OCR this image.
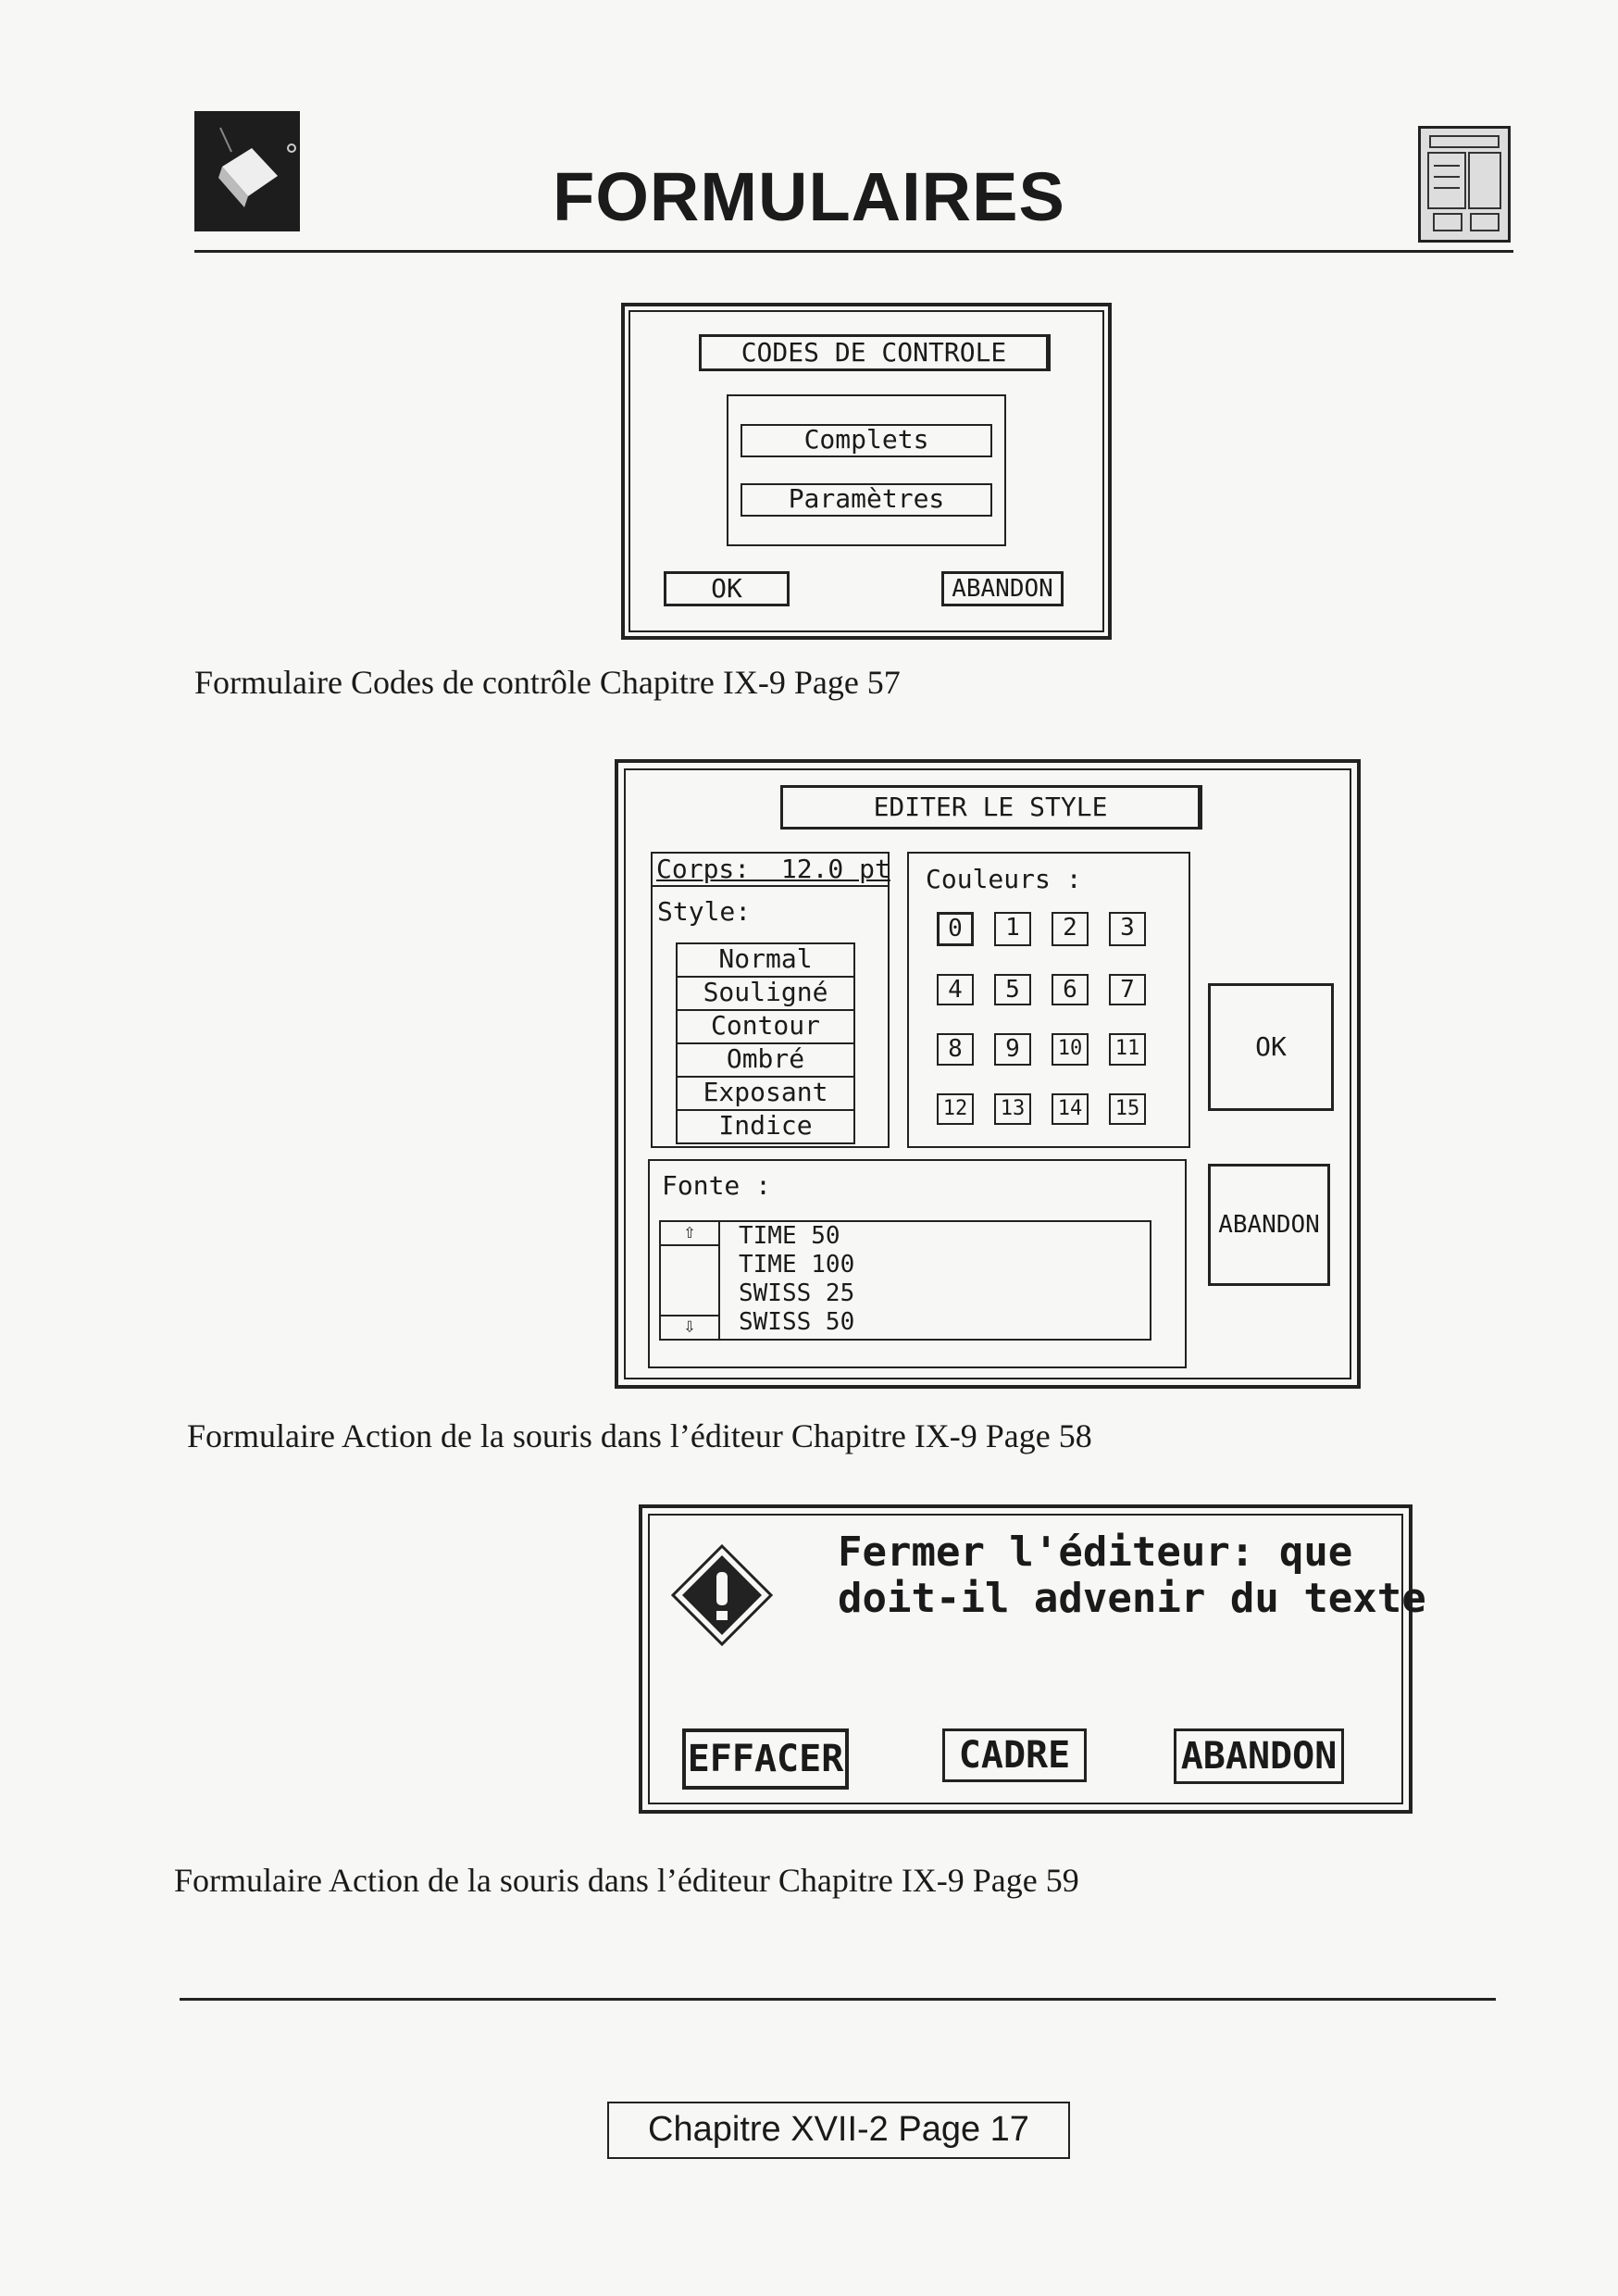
FORMULAIRES
CODES DE CONTROLE
Complets
Paramètres
OK	ABANDON
Formulaire Codes de contrôle Chapitre IX-9 Page 57
EDITER LE STYLE
Corps:  12.0 pt
Style:
Normal
Souligné
Contour
Ombré
Exposant
Indice
Couleurs :
0	1	2	3
4	5	6	7
8	9	10	11
12	13	14	15
Fonte :
⇧
⇩
TIME 50
TIME 100
SWISS 25
SWISS 50
OK
ABANDON
Formulaire Action de la souris dans l’éditeur Chapitre IX-9 Page 58
Fermer l'éditeur: que
doit-il advenir du texte
EFFACER	CADRE	ABANDON
Formulaire Action de la souris dans l’éditeur Chapitre IX-9 Page 59
Chapitre XVII-2 Page 17
